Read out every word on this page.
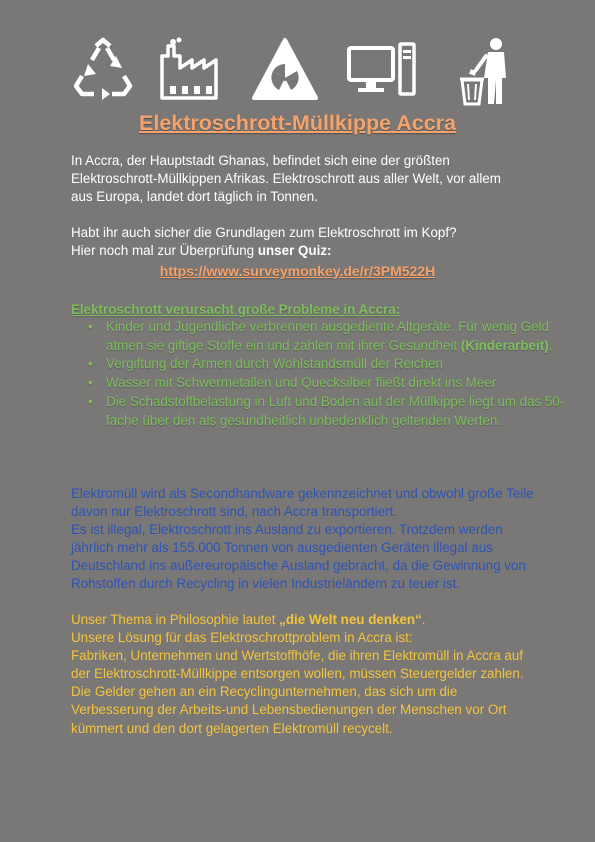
Elektroschrott-Müllkippe Accra
In Accra, der Hauptstadt Ghanas, befindet sich eine der größten
Elektroschrott-Müllkippen Afrikas. Elektroschrott aus aller Welt, vor allem
aus Europa, landet dort täglich in Tonnen.
Habt ihr auch sicher die Grundlagen zum Elektroschrott im Kopf?
Hier noch mal zur Überprüfung unser Quiz:
https://www.surveymonkey.de/r/3PM522H
Elektroschrott verursacht große Probleme in Accra:
• Kinder und Jugendliche verbrennen ausgediente Altgeräte. Für wenig Geld atmen sie giftige Stoffe ein und zahlen mit ihrer Gesundheit (Kinderarbeit).
• Vergiftung der Armen durch Wohlstandsmüll der Reichen
• Wasser mit Schwermetallen und Quecksilber fließt direkt ins Meer
• Die Schadstoffbelastung in Luft und Boden auf der Müllkippe liegt um das 50-fache über den als gesundheitlich unbedenklich geltenden Werten.

Elektromüll wird als Secondhandware gekennzeichnet und obwohl große Teile davon nur Elektroschrott sind, nach Accra transportiert.

Es ist illegal, Elektroschrott ins Ausland zu exportieren. Trotzdem werden jährlich mehr als 155.000 Tonnen von ausgedienten Geräten illegal aus Deutschland ins außereuropäische Ausland gebracht, da die Gewinnung von Rohstoffen durch Recycling in vielen Industrieländern zu teuer ist.

Unser Thema in Philosophie lautet „die Welt neu denken“.

Unsere Lösung für das Elektroschrottproblem in Accra ist:

Fabriken, Unternehmen und Wertstoffhöfe, die ihren Elektromüll in Accra auf der Elektroschrott-Müllkippe entsorgen wollen, müssen Steuergelder zahlen.

Die Gelder gehen an ein Recyclingunternehmen, das sich um die Verbesserung der Arbeits-und Lebensbedienungen der Menschen vor Ort kümmert und den dort gelagerten Elektromüll recycelt.
